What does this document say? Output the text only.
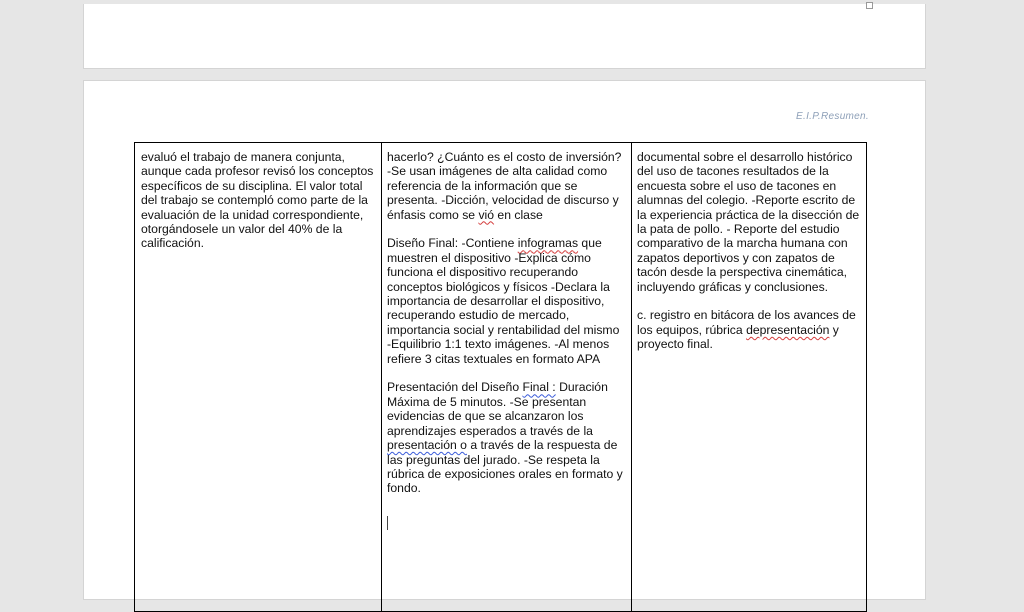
E.I.P.Resumen.

evaluó el trabajo de manera conjunta, aunque cada profesor revisó los conceptos específicos de su disciplina. El valor total del trabajo se contempló como parte de la evaluación de la unidad correspondiente, otorgándosele un valor del 40% de la calificación.

hacerlo? ¿Cuánto es el costo de inversión? -Se usan imágenes de alta calidad como referencia de la información que se presenta. -Dicción, velocidad de discurso y énfasis como se vió en clase

Diseño Final: -Contiene infogramas que muestren el dispositivo -Explica cómo funciona el dispositivo recuperando conceptos biológicos y físicos -Declara la importancia de desarrollar el dispositivo, recuperando estudio de mercado, importancia social y rentabilidad del mismo -Equilibrio 1:1 texto imágenes. -Al menos refiere 3 citas textuales en formato APA

Presentación del Diseño Final : Duración Máxima de 5 minutos. -Se presentan evidencias de que se alcanzaron los aprendizajes esperados a través de la presentación o a través de la respuesta de las preguntas del jurado. -Se respeta la rúbrica de exposiciones orales en formato y fondo.

documental sobre el desarrollo histórico del uso de tacones resultados de la encuesta sobre el uso de tacones en alumnas del colegio. -Reporte escrito de la experiencia práctica de la disección de la pata de pollo. - Reporte del estudio comparativo de la marcha humana con zapatos deportivos y con zapatos de tacón desde la perspectiva cinemática, incluyendo gráficas y conclusiones.

c. registro en bitácora de los avances de los equipos, rúbrica depresentación y proyecto final.
